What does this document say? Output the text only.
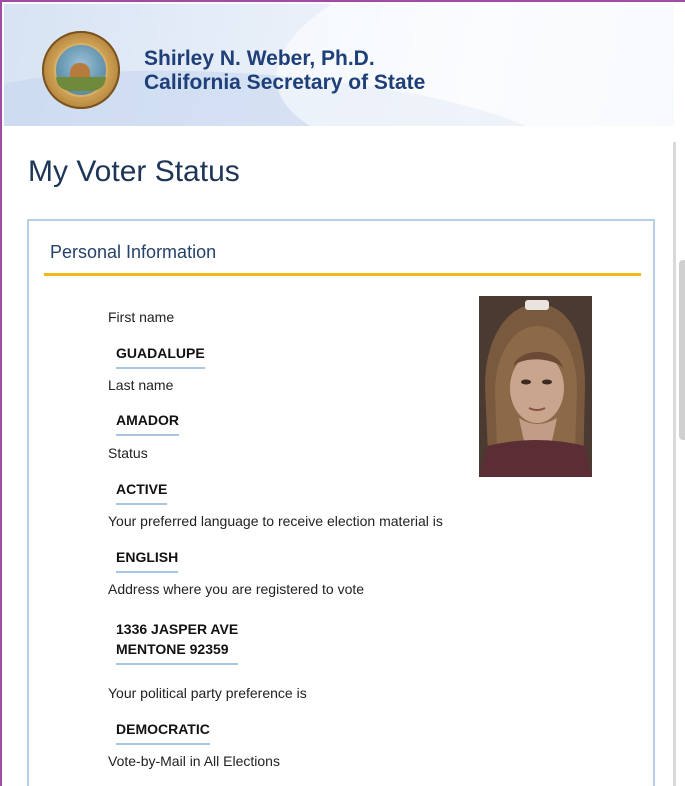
Shirley N. Weber, Ph.D.
California Secretary of State
My Voter Status
Personal Information
First name
GUADALUPE
Last name
AMADOR
Status
ACTIVE
Your preferred language to receive election material is
ENGLISH
Address where you are registered to vote
1336 JASPER AVE
MENTONE 92359
Your political party preference is
DEMOCRATIC
Vote-by-Mail in All Elections
